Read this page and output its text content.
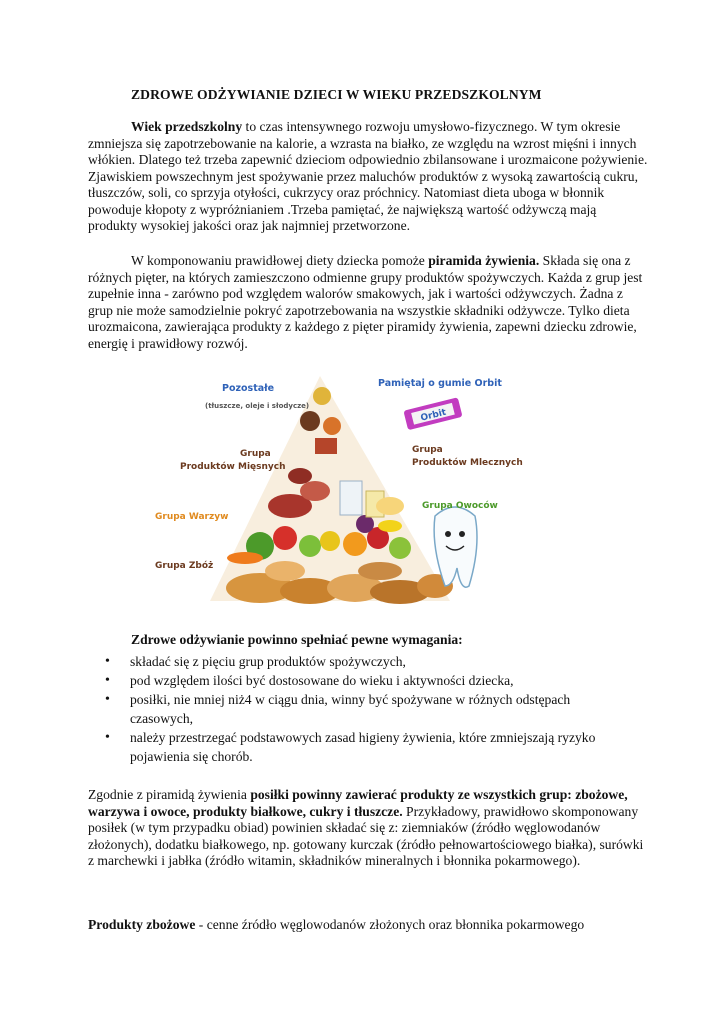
ZDROWE ODŻYWIANIE DZIECI W WIEKU PRZEDSZKOLNYM
Wiek przedszkolny to czas intensywnego rozwoju umysłowo-fizycznego. W tym okresie zmniejsza się zapotrzebowanie na kalorie, a wzrasta na białko, ze względu na wzrost mięśni i innych włókien. Dlatego też trzeba zapewnić dzieciom odpowiednio zbilansowane i urozmaicone pożywienie. Zjawiskiem powszechnym jest spożywanie przez maluchów produktów z wysoką zawartością cukru, tłuszczów, soli, co sprzyja otyłości, cukrzycy oraz próchnicy. Natomiast dieta uboga w błonnik powoduje kłopoty z wypróżnianiem .Trzeba pamiętać, że największą wartość odżywczą mają produkty wysokiej jakości oraz jak najmniej przetworzone.
W komponowaniu prawidłowej diety dziecka pomoże piramida żywienia. Składa się ona z różnych pięter, na których zamieszczono odmienne grupy produktów spożywczych. Każda z grup jest zupełnie inna - zarówno pod względem walorów smakowych, jak i wartości odżywczych. Żadna z grup nie może samodzielnie pokryć zapotrzebowania na wszystkie składniki odżywcze. Tylko dieta urozmaicona, zawierająca produkty z każdego z pięter piramidy żywienia, zapewni dziecku zdrowie, energię i prawidłowy rozwój.
Orbit
Pozostałe
(tłuszcze, oleje i słodycze)
Pamiętaj o gumie Orbit
Grupa
Produktów Mięsnych
Grupa
Produktów Mlecznych
Grupa Warzyw
Grupa Owoców
Grupa Zbóż
Zdrowe odżywianie powinno spełniać pewne wymagania:
• składać się z pięciu grup produktów spożywczych,
• pod względem ilości być dostosowane do wieku i aktywności dziecka,
• posiłki, nie mniej niż4 w ciągu dnia, winny być spożywane w różnych odstępach czasowych,
• należy przestrzegać podstawowych zasad higieny żywienia, które zmniejszają ryzyko pojawienia się chorób.
Zgodnie z piramidą żywienia posiłki powinny zawierać produkty ze wszystkich grup: zbożowe, warzywa i owoce, produkty białkowe, cukry i tłuszcze. Przykładowy, prawidłowo skomponowany posiłek (w tym przypadku obiad) powinien składać się z: ziemniaków (źródło węglowodanów złożonych), dodatku białkowego, np. gotowany kurczak (źródło pełnowartościowego białka), surówki z marchewki i jabłka (źródło witamin, składników mineralnych i błonnika pokarmowego).
Produkty zbożowe - cenne źródło węglowodanów złożonych oraz błonnika pokarmowego
